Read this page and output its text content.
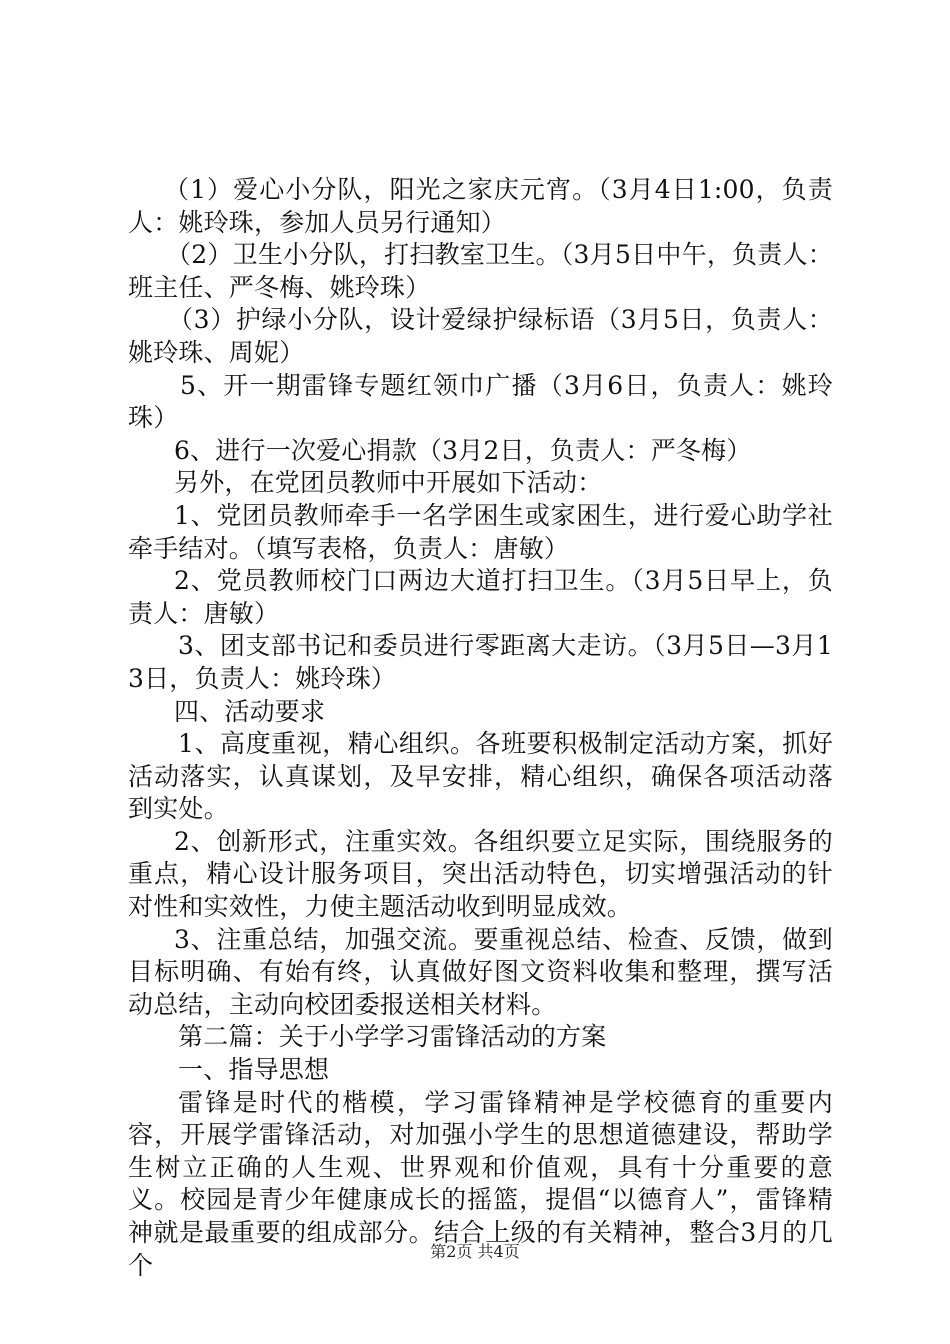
（1）爱心小分队，阳光之家庆元宵。（3月4日1:00，负责人：姚玲珠，参加人员另行通知）

（2）卫生小分队，打扫教室卫生。（3月5日中午，负责人：班主任、严冬梅、姚玲珠）

（3）护绿小分队，设计爱绿护绿标语（3月5日，负责人：姚玲珠、周妮）

5、开一期雷锋专题红领巾广播（3月6日，负责人：姚玲珠）

6、进行一次爱心捐款（3月2日，负责人：严冬梅）

另外，在党团员教师中开展如下活动：

1、党团员教师牵手一名学困生或家困生，进行爱心助学社牵手结对。（填写表格，负责人：唐敏）

2、党员教师校门口两边大道打扫卫生。（3月5日早上，负责人：唐敏）

3、团支部书记和委员进行零距离大走访。（3月5日—3月13日，负责人：姚玲珠）

四、活动要求

1、高度重视，精心组织。各班要积极制定活动方案，抓好活动落实，认真谋划，及早安排，精心组织，确保各项活动落到实处。

2、创新形式，注重实效。各组织要立足实际，围绕服务的重点，精心设计服务项目，突出活动特色，切实增强活动的针对性和实效性，力使主题活动收到明显成效。

3、注重总结，加强交流。要重视总结、检查、反馈，做到目标明确、有始有终，认真做好图文资料收集和整理，撰写活动总结，主动向校团委报送相关材料。

第二篇：关于小学学习雷锋活动的方案

一、指导思想

雷锋是时代的楷模，学习雷锋精神是学校德育的重要内容，开展学雷锋活动，对加强小学生的思想道德建设，帮助学生树立正确的人生观、世界观和价值观，具有十分重要的意义。校园是青少年健康成长的摇篮，提倡“以德育人”，雷锋精神就是最重要的组成部分。结合上级的有关精神，整合3月的几个	第2页 共4页
